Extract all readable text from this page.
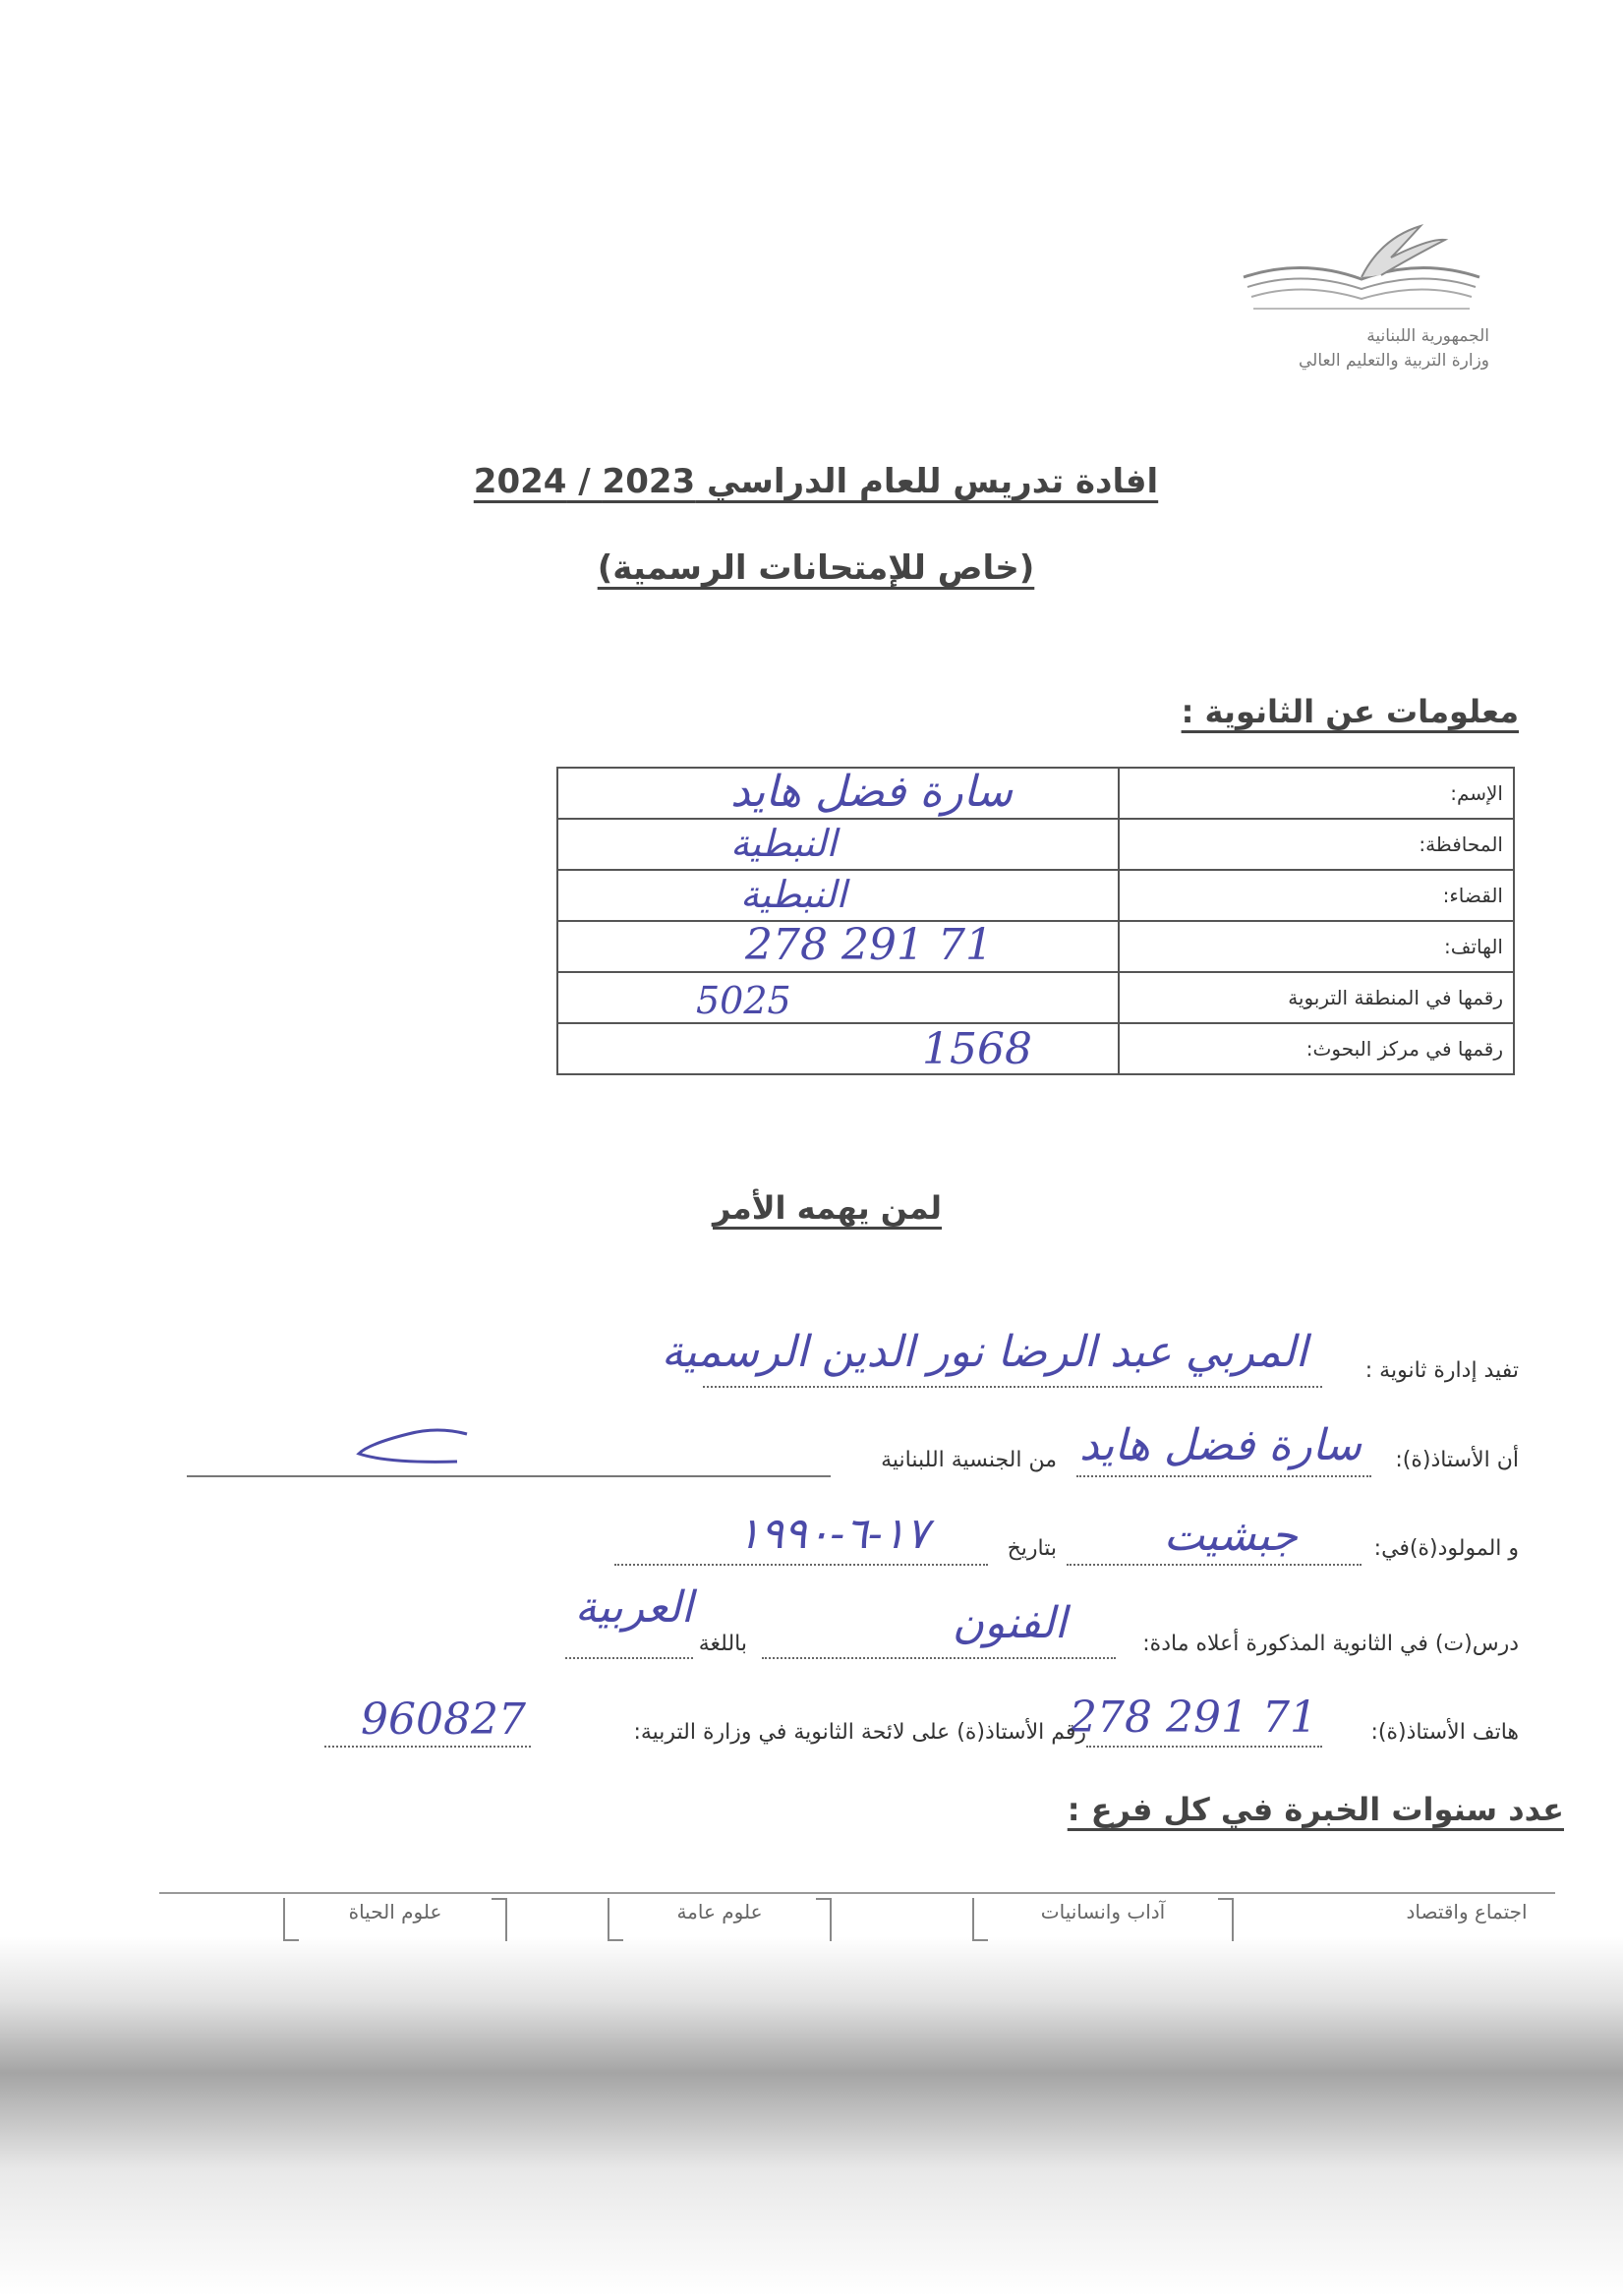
الجمهورية اللبنانية
وزارة التربية والتعليم العالي
افادة تدريس للعام الدراسي 2023 / 2024
(خاص للإمتحانات الرسمية)
معلومات عن الثانوية :
الإسم:	سارة فضل هايد

المحافظة:	النبطية

القضاء:	النبطية

الهاتف:	71 291 278

رقمها في المنطقة التربوية	5025

رقمها في مركز البحوث:	1568
لمن يهمه الأمر
تفيد إدارة ثانوية :
المربي عبد الرضا نور الدين الرسمية
أن الأستاذ(ة):
سارة فضل هايد
من الجنسية اللبنانية
و المولود(ة)في:
جبشيت
بتاريخ
١٧-٦-١٩٩٠
درس(ت) في الثانوية المذكورة أعلاه مادة:
الفنون
باللغة
العربية
هاتف الأستاذ(ة):
71 291 278
رقم الأستاذ(ة) على لائحة الثانوية في وزارة التربية:
960827
عدد سنوات الخبرة في كل فرع :
اجتماع واقتصاد
آداب وانسانيات
علوم عامة
علوم الحياة
